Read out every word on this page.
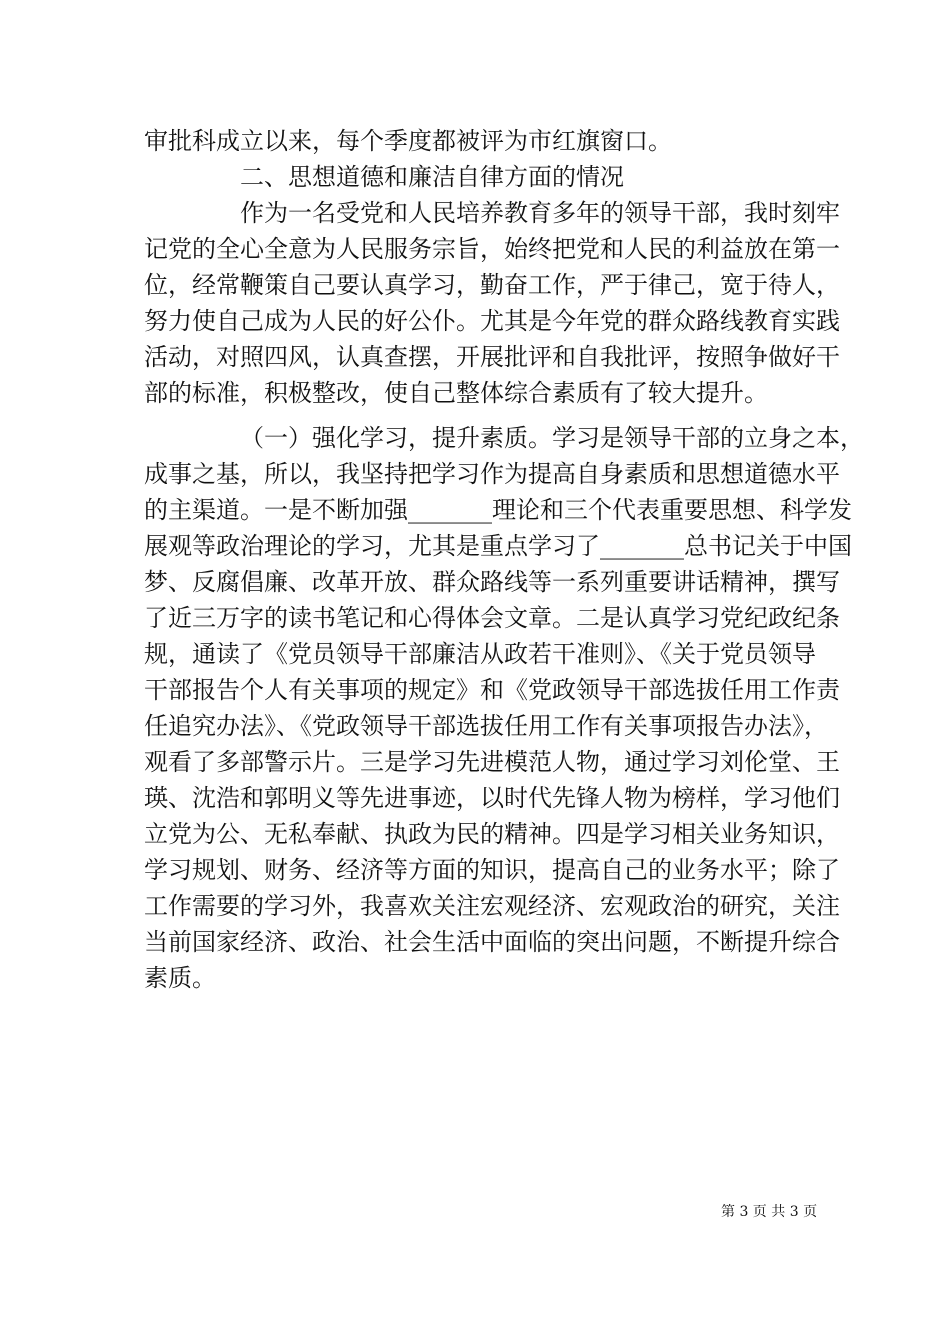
审批科成立以来，每个季度都被评为市红旗窗口。

二、思想道德和廉洁自律方面的情况

作为一名受党和人民培养教育多年的领导干部，我时刻牢

记党的全心全意为人民服务宗旨，始终把党和人民的利益放在第一

位，经常鞭策自己要认真学习，勤奋工作，严于律己，宽于待人，

努力使自己成为人民的好公仆。尤其是今年党的群众路线教育实践

活动，对照四风，认真查摆，开展批评和自我批评，按照争做好干

部的标准，积极整改，使自己整体综合素质有了较大提升。

（一）强化学习，提升素质。学习是领导干部的立身之本，

成事之基，所以，我坚持把学习作为提高自身素质和思想道德水平

的主渠道。一是不断加强_______理论和三个代表重要思想、科学发

展观等政治理论的学习，尤其是重点学习了_______总书记关于中国

梦、反腐倡廉、改革开放、群众路线等一系列重要讲话精神，撰写

了近三万字的读书笔记和心得体会文章。二是认真学习党纪政纪条

规，通读了《党员领导干部廉洁从政若干准则》、《关于党员领导

干部报告个人有关事项的规定》和《党政领导干部选拔任用工作责

任追究办法》、《党政领导干部选拔任用工作有关事项报告办法》，

观看了多部警示片。三是学习先进模范人物，通过学习刘伦堂、王

瑛、沈浩和郭明义等先进事迹，以时代先锋人物为榜样，学习他们

立党为公、无私奉献、执政为民的精神。四是学习相关业务知识，

学习规划、财务、经济等方面的知识，提高自己的业务水平；除了

工作需要的学习外，我喜欢关注宏观经济、宏观政治的研究，关注

当前国家经济、政治、社会生活中面临的突出问题，不断提升综合

素质。

第 3 页 共 3 页
